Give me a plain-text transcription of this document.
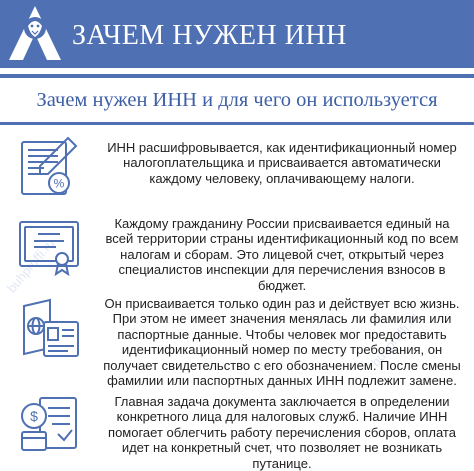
ЗАЧЕМ НУЖЕН ИНН
Зачем нужен ИНН и для чего он используется
%
ИНН расшифровывается, как идентификационный номер налогоплательщика и присваивается автоматически каждому человеку, оплачивающему налоги.
Каждому гражданину России присваивается единый на всей территории страны идентификационный код по всем налогам и сборам. Это лицевой счет, открытый через специалистов инспекции для перечисления взносов в бюджет.
Он присваивается только один раз и действует всю жизнь. При этом не имеет значения менялась ли фамилия или паспортные данные. Чтобы человек мог предоставить идентификационный номер по месту требования, он получает свидетельство с его обозначением. После смены фамилии или паспортных данных ИНН подлежит замене.
$
Главная задача документа заключается в определении конкретного лица для налоговых служб. Наличие ИНН помогает облегчить работу перечисления сборов, оплата идет на конкретный счет, что позволяет не возникать путанице.
buhproffi.ru
buhproffi.ru
